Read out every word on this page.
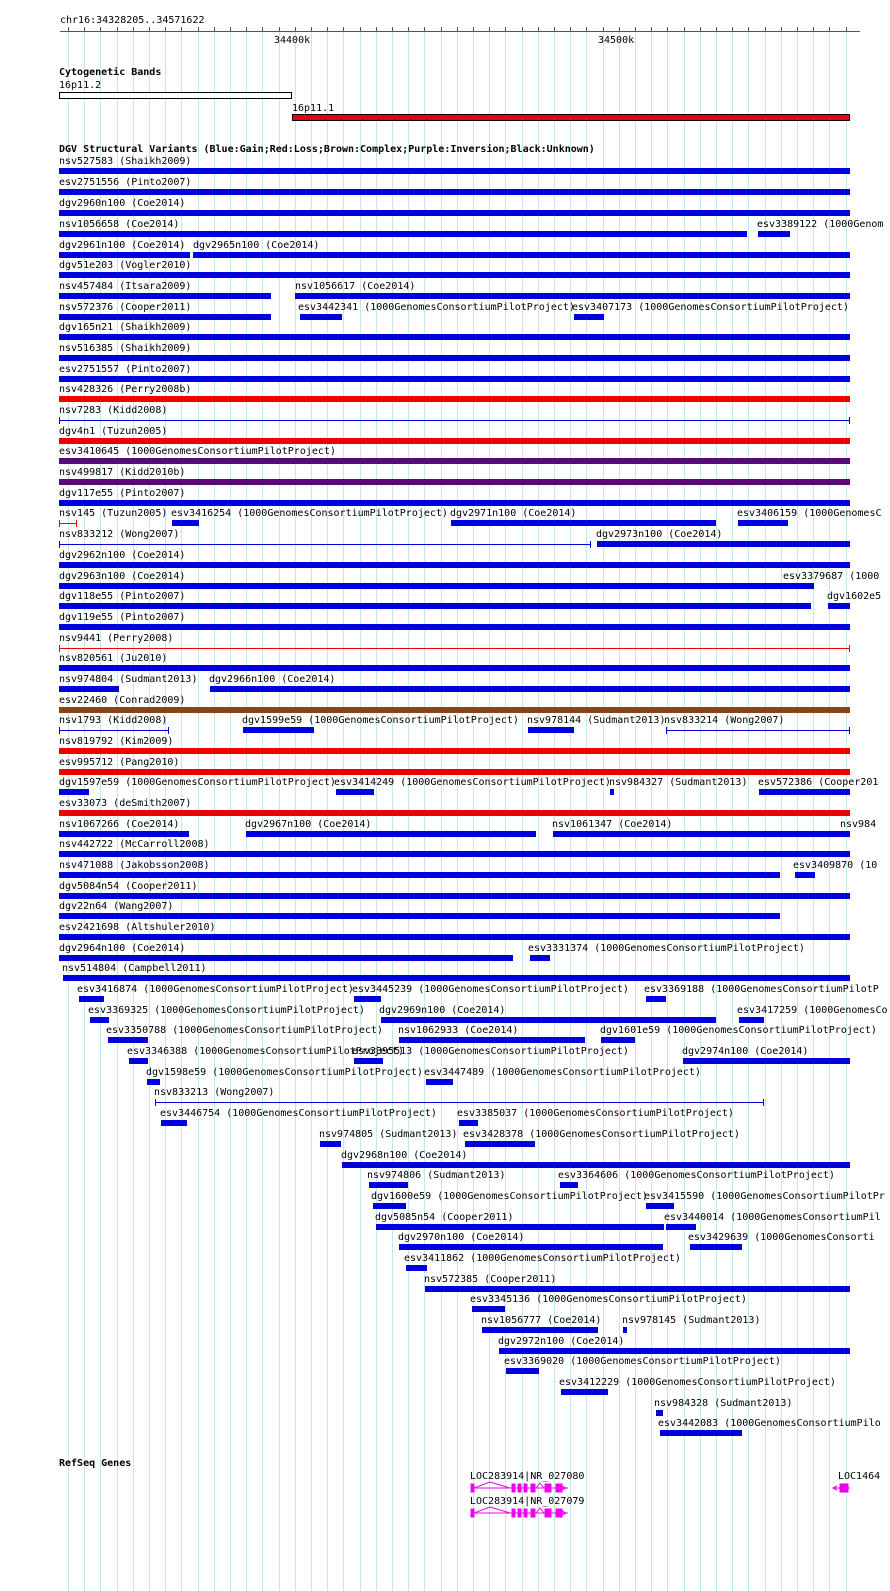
chr16:34328205..34571622
34400k	34500k
Cytogenetic Bands
16p11.2
16p11.1
DGV Structural Variants (Blue:Gain;Red:Loss;Brown:Complex;Purple:Inversion;Black:Unknown)
nsv527583 (Shaikh2009)
esv2751556 (Pinto2007)
dgv2960n100 (Coe2014)
nsv1056658 (Coe2014)	esv3389122 (1000Genom
dgv2961n100 (Coe2014) dgv2965n100 (Coe2014)
dgv51e203 (Vogler2010)
nsv457484 (Itsara2009)	nsv1056617 (Coe2014)
nsv572376 (Cooper2011)	esv3442341 (1000GenomesConsortiumPilotProject)
esv3407173 (1000GenomesConsortiumPilotProject)
dgv165n21 (Shaikh2009)
nsv516385 (Shaikh2009)
esv2751557 (Pinto2007)
nsv428326 (Perry2008b)
nsv7283 (Kidd2008)
dgv4n1 (Tuzun2005)
esv3410645 (1000GenomesConsortiumPilotProject)
nsv499817 (Kidd2010b)
dgv117e55 (Pinto2007)
nsv145 (Tuzun2005) esv3416254 (1000GenomesConsortiumPilotProject) dgv2971n100 (Coe2014)	esv3406159 (1000GenomesC
nsv833212 (Wong2007)	dgv2973n100 (Coe2014)
dgv2962n100 (Coe2014)
dgv2963n100 (Coe2014)	esv3379687 (1000
dgv118e55 (Pinto2007)	dgv1602e5
dgv119e55 (Pinto2007)
nsv9441 (Perry2008)
nsv820561 (Ju2010)
nsv974804 (Sudmant2013) dgv2966n100 (Coe2014)
esv22460 (Conrad2009)
nsv1793 (Kidd2008)	dgv1599e59 (1000GenomesConsortiumPilotProject) nsv978144 (Sudmant2013)
nsv833214 (Wong2007)
nsv819792 (Kim2009)
esv995712 (Pang2010)
dgv1597e59 (1000GenomesConsortiumPilotProject)
esv3414249 (1000GenomesConsortiumPilotProject)
nsv984327 (Sudmant2013) esv572386 (Cooper201
esv33073 (deSmith2007)
nsv1067266 (Coe2014)	dgv2967n100 (Coe2014)	nsv1061347 (Coe2014)	nsv984
nsv442722 (McCarroll2008)
nsv471088 (Jakobsson2008)	esv3409870 (10
dgv5084n54 (Cooper2011)
dgv22n64 (Wang2007)
esv2421698 (Altshuler2010)
dgv2964n100 (Coe2014)	esv3331374 (1000GenomesConsortiumPilotProject)
nsv514804 (Campbell2011)
esv3416874 (1000GenomesConsortiumPilotProject)
esv3445239 (1000GenomesConsortiumPilotProject) esv3369188 (1000GenomesConsortiumPilotP
esv3369325 (1000GenomesConsortiumPilotProject) dgv2969n100 (Coe2014)	esv3417259 (1000GenomesCo
esv3350788 (1000GenomesConsortiumPilotProject) nsv1062933 (Coe2014)	dgv1601e59 (1000GenomesConsortiumPilotProject)
esv3346388 (1000GenomesConsortiumPilotProject)
esv3395513 (1000GenomesConsortiumPilotProject)	dgv2974n100 (Coe2014)
dgv1598e59 (1000GenomesConsortiumPilotProject) esv3447489 (1000GenomesConsortiumPilotProject)
nsv833213 (Wong2007)
esv3446754 (1000GenomesConsortiumPilotProject) esv3385037 (1000GenomesConsortiumPilotProject)
nsv974805 (Sudmant2013) esv3428378 (1000GenomesConsortiumPilotProject)
dgv2968n100 (Coe2014)
nsv974806 (Sudmant2013)	esv3364606 (1000GenomesConsortiumPilotProject)
dgv1600e59 (1000GenomesConsortiumPilotProject)
esv3415590 (1000GenomesConsortiumPilotPr
dgv5085n54 (Cooper2011)	esv3440014 (1000GenomesConsortiumPil
dgv2970n100 (Coe2014)	esv3429639 (1000GenomesConsorti
esv3411862 (1000GenomesConsortiumPilotProject)
nsv572385 (Cooper2011)
esv3345136 (1000GenomesConsortiumPilotProject)
nsv1056777 (Coe2014) nsv978145 (Sudmant2013)
dgv2972n100 (Coe2014)
esv3369020 (1000GenomesConsortiumPilotProject)
esv3412229 (1000GenomesConsortiumPilotProject)
nsv984328 (Sudmant2013)
esv3442083 (1000GenomesConsortiumPilo
RefSeq Genes
LOC283914|NR_027080
LOC283914|NR_027079
LOC1464
